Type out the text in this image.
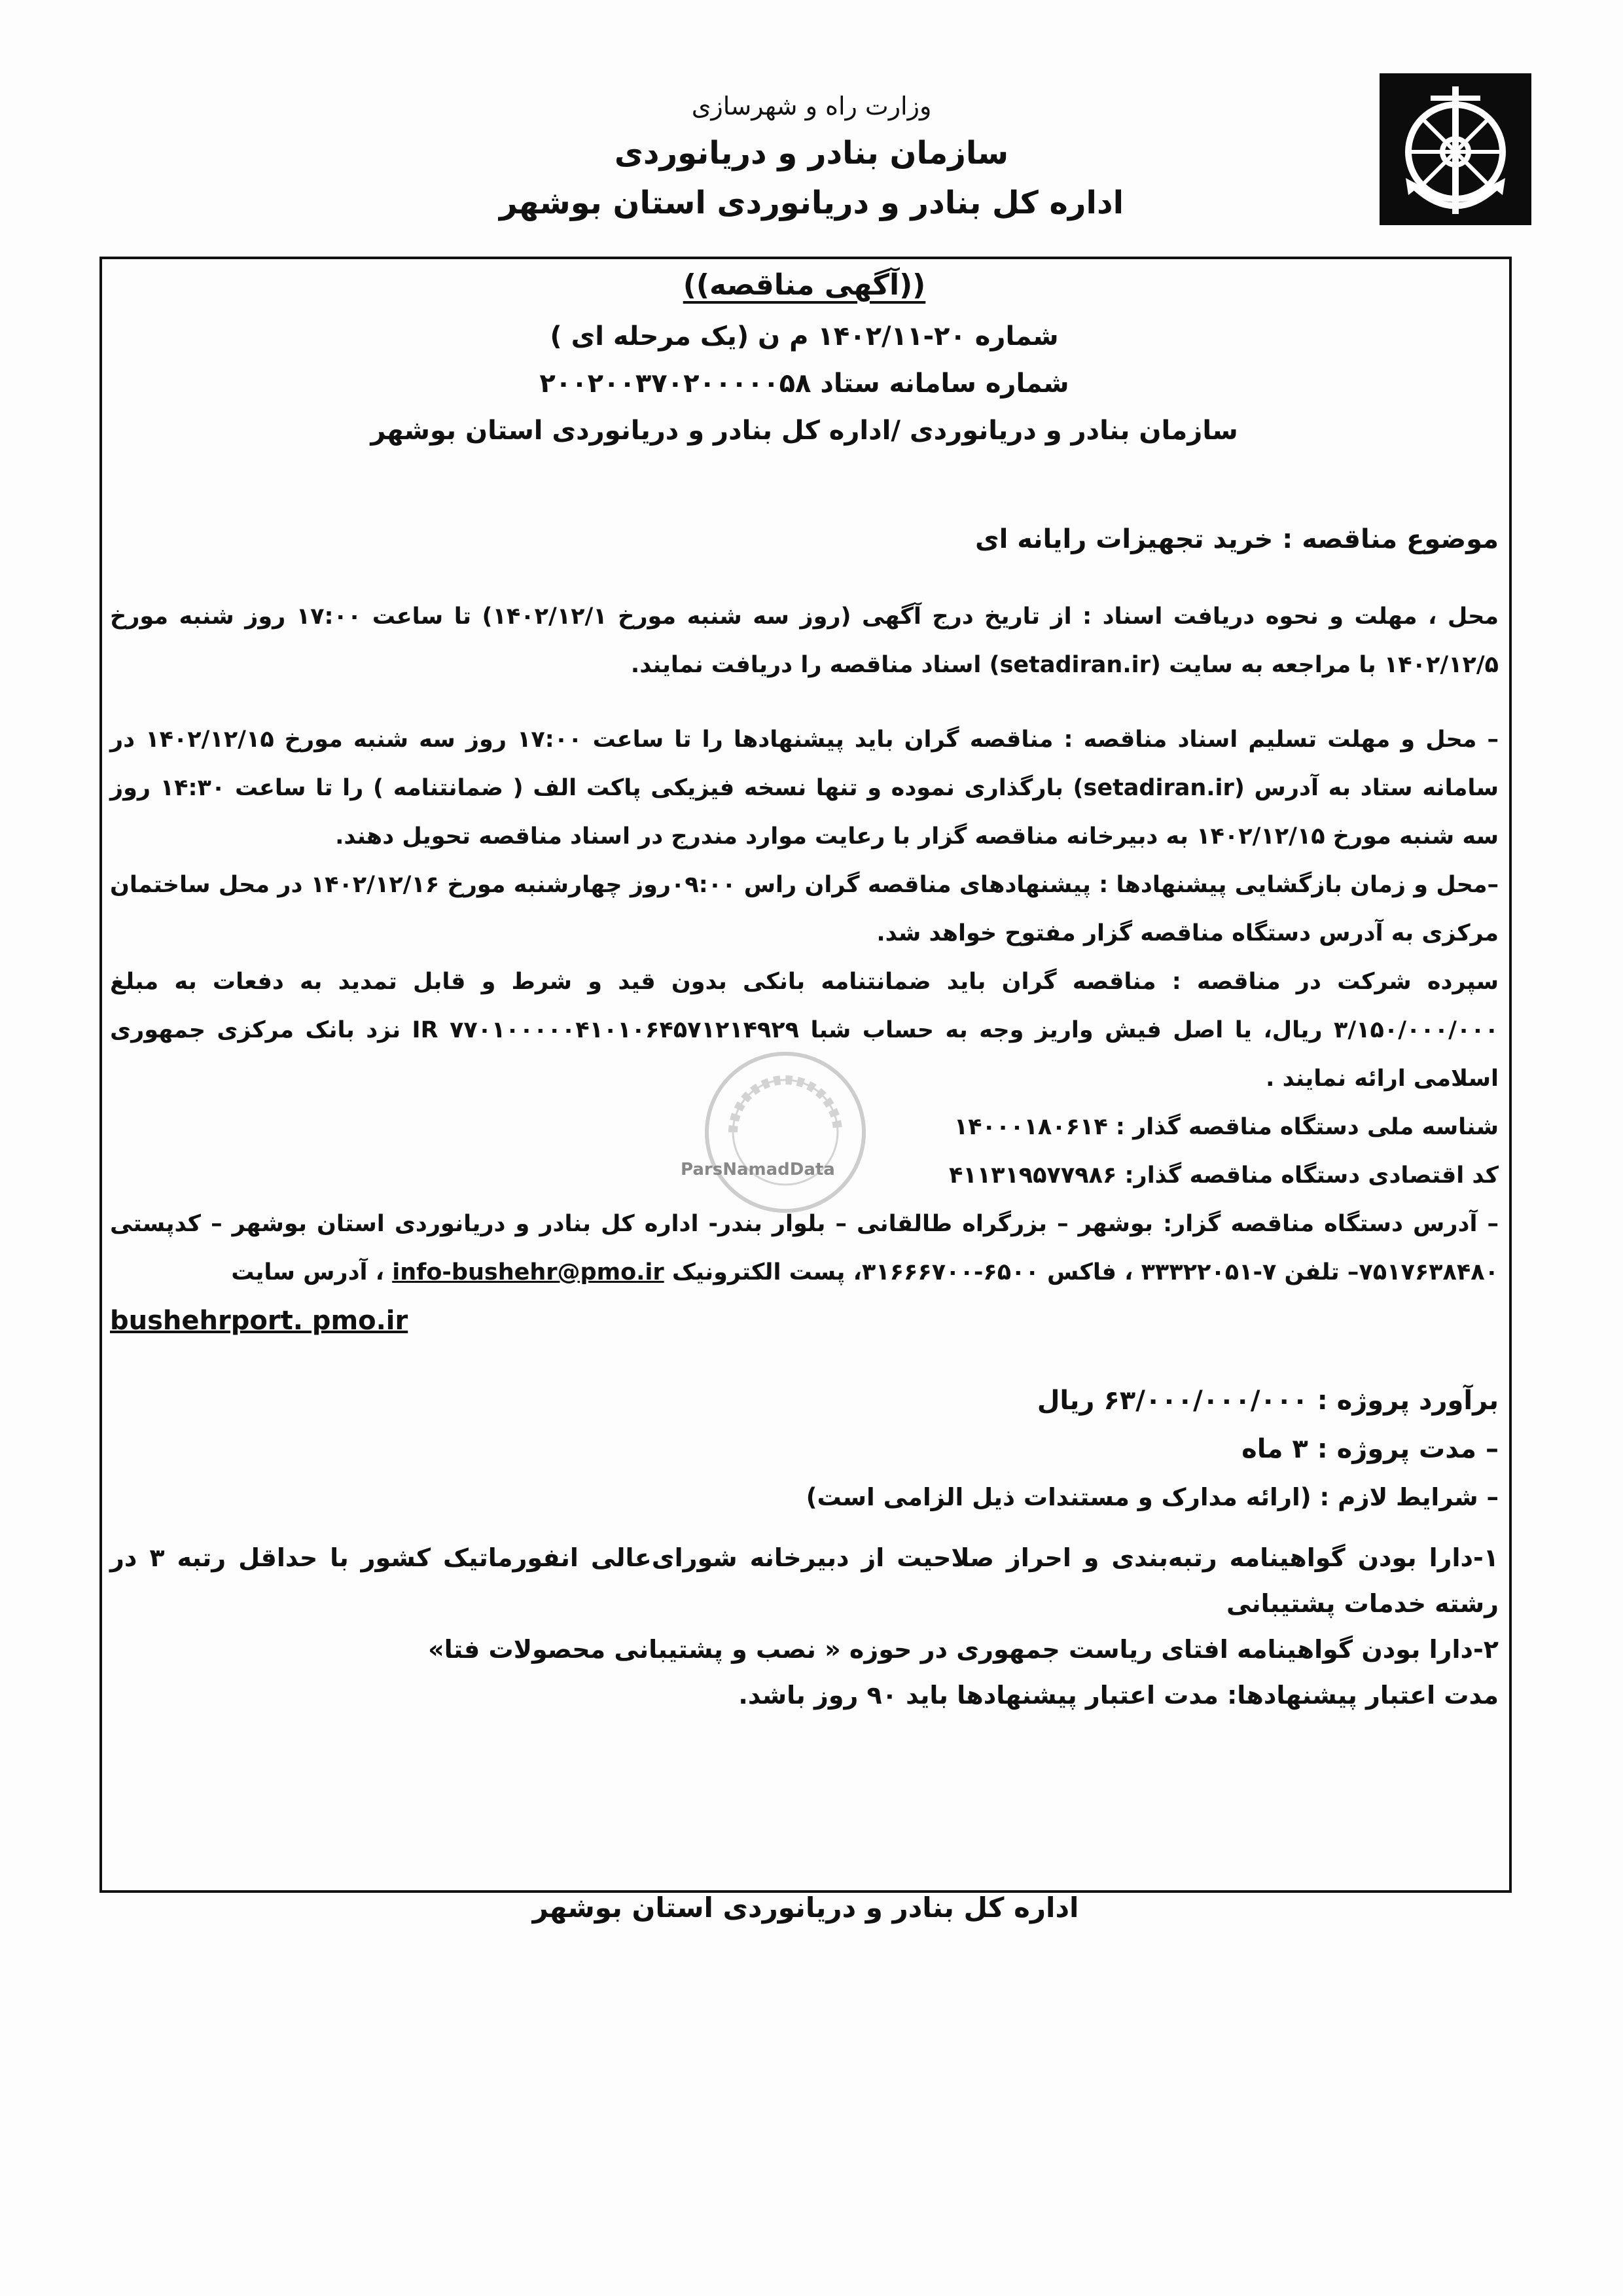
وزارت راه و شهرسازی

سازمان بنادر و دریانوردی

اداره کل بنادر و دریانوردی استان بوشهر

ParsNamadData

((آگهی مناقصه))

شماره ۲۰-۱۴۰۲/۱۱ م ن (یک مرحله ای )

شماره سامانه ستاد ۲۰۰۲۰۰۳۷۰۲۰۰۰۰۰۵۸

سازمان بنادر و دریانوردی /اداره کل بنادر و دریانوردی استان بوشهر

موضوع مناقصه : خرید تجهیزات رایانه ای

محل ، مهلت و نحوه دریافت اسناد : از تاریخ درج آگهی (روز سه شنبه مورخ ۱۴۰۲/۱۲/۱) تا ساعت ۱۷:۰۰ روز شنبه مورخ ۱۴۰۲/۱۲/۵ با مراجعه به سایت (setadiran.ir) اسناد مناقصه را دریافت نمایند.

– محل و مهلت تسلیم اسناد مناقصه : مناقصه گران باید پیشنهادها را تا ساعت ۱۷:۰۰ روز سه شنبه مورخ ۱۴۰۲/۱۲/۱۵ در سامانه ستاد به آدرس (setadiran.ir) بارگذاری نموده و تنها نسخه فیزیکی پاکت الف ( ضمانتنامه ) را تا ساعت ۱۴:۳۰ روز سه شنبه مورخ ۱۴۰۲/۱۲/۱۵ به دبیرخانه مناقصه گزار با رعایت موارد مندرج در اسناد مناقصه تحویل دهند.

–محل و زمان بازگشایی پیشنهادها : پیشنهادهای مناقصه گران راس ۰۹:۰۰روز چهارشنبه مورخ ۱۴۰۲/۱۲/۱۶ در محل ساختمان مرکزی به آدرس دستگاه مناقصه گزار مفتوح خواهد شد.

سپرده شرکت در مناقصه : مناقصه گران باید ضمانتنامه بانکی بدون قید و شرط و قابل تمدید به دفعات به مبلغ ۳/۱۵۰/۰۰۰/۰۰۰ ریال، یا اصل فیش واریز وجه به حساب شبا IR ۷۷۰۱۰۰۰۰۰۴۱۰۱۰۶۴۵۷۱۲۱۴۹۲۹ نزد بانک مرکزی جمهوری اسلامی ارائه نمایند .

شناسه ملی دستگاه مناقصه گذار : ۱۴۰۰۰۱۸۰۶۱۴

کد اقتصادی دستگاه مناقصه گذار: ۴۱۱۳۱۹۵۷۷۹۸۶

– آدرس دستگاه مناقصه گزار: بوشهر – بزرگراه طالقانی – بلوار بندر- اداره کل بنادر و دریانوردی استان بوشهر – کدپستی ۷۵۱۷۶۳۸۴۸۰– تلفن ۷-۳۳۳۲۲۰۵۱ ، فاکس ۶۵۰۰-۳۱۶۶۶۷۰۰، پست الکترونیک info-bushehr@pmo.ir ، آدرس سایت

bushehrport. pmo.ir

برآورد پروژه : ۶۳/۰۰۰/۰۰۰/۰۰۰ ریال

– مدت پروژه : ۳ ماه

– شرایط لازم : (ارائه مدارک و مستندات ذیل الزامی است)

۱-دارا بودن گواهینامه رتبه‌بندی و احراز صلاحیت از دبیرخانه شورای‌عالی انفورماتیک کشور با حداقل رتبه ۳ در رشته خدمات پشتیبانی

۲-دارا بودن گواهینامه افتای ریاست جمهوری در حوزه « نصب و پشتیبانی محصولات فتا»

مدت اعتبار پیشنهادها: مدت اعتبار پیشنهادها باید ۹۰ روز باشد.

اداره کل بنادر و دریانوردی استان بوشهر
